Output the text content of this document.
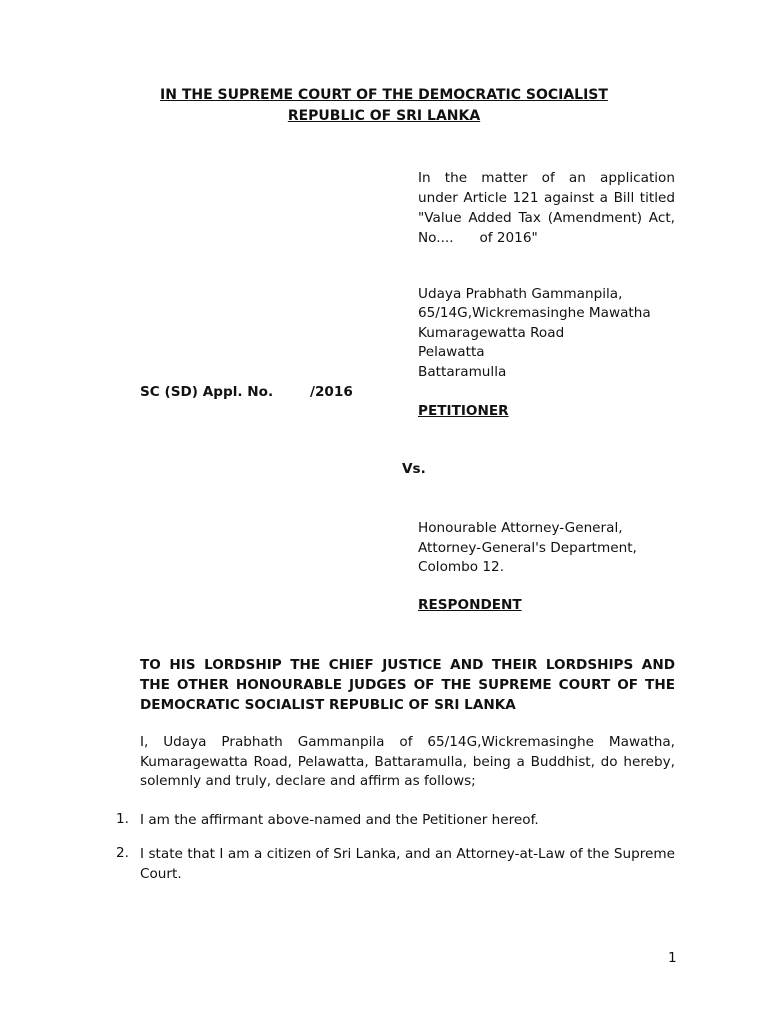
IN THE SUPREME COURT OF THE DEMOCRATIC SOCIALIST
REPUBLIC OF SRI LANKA
In the matter of an application
under Article 121 against a Bill titled
"Value Added Tax (Amendment) Act,
No....      of 2016"
Udaya Prabhath Gammanpila,
65/14G,Wickremasinghe Mawatha
Kumaragewatta Road
Pelawatta
Battaramulla
SC (SD) Appl. No.	/2016
PETITIONER
Vs.
Honourable Attorney-General,
Attorney-General's Department,
Colombo 12.
RESPONDENT
TO HIS LORDSHIP THE CHIEF JUSTICE AND THEIR LORDSHIPS AND THE OTHER HONOURABLE JUDGES OF THE SUPREME COURT OF THE DEMOCRATIC SOCIALIST REPUBLIC OF SRI LANKA
I, Udaya Prabhath Gammanpila of 65/14G,Wickremasinghe Mawatha, Kumaragewatta Road, Pelawatta, Battaramulla, being a Buddhist, do hereby, solemnly and truly, declare and affirm as follows;
1. I am the affirmant above-named and the Petitioner hereof.
2. I state that I am a citizen of Sri Lanka, and an Attorney-at-Law of the Supreme Court.
1
